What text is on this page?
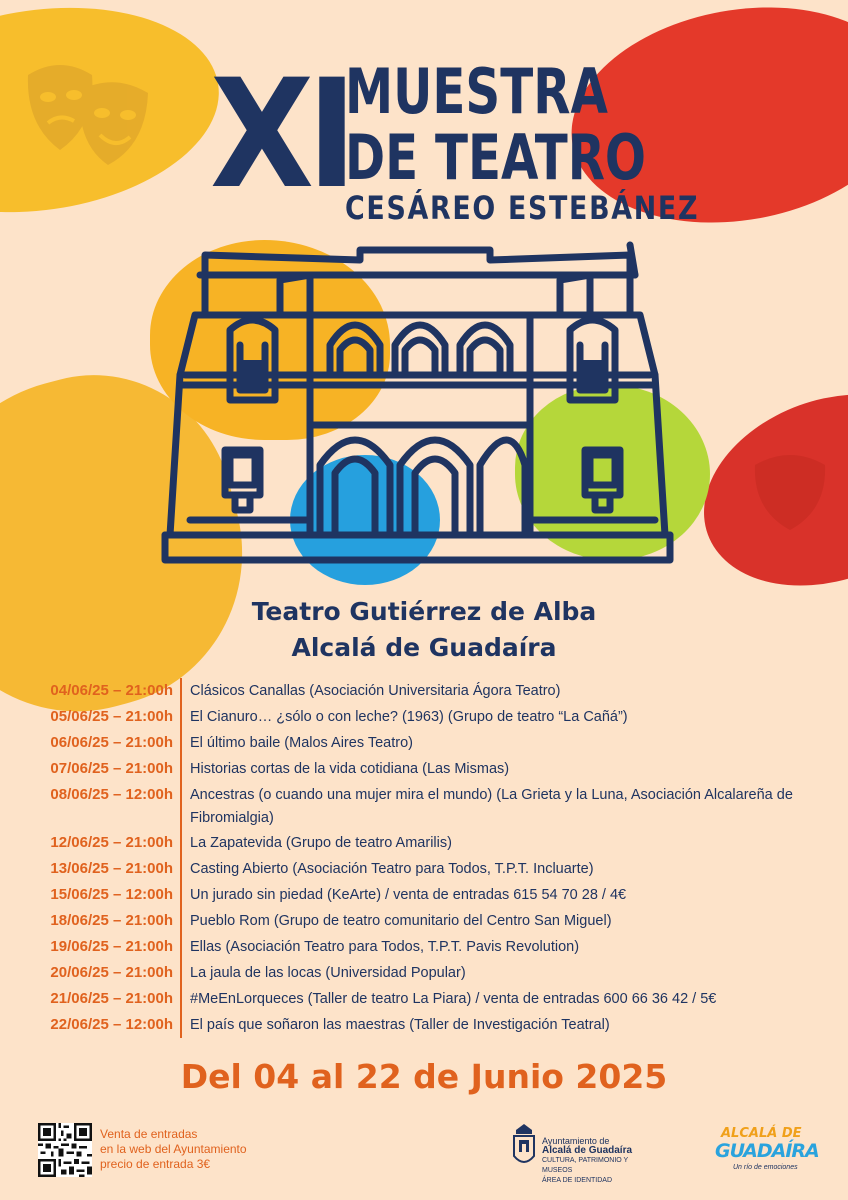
XI
MUESTRA
DE TEATRO
CESÁREO ESTEBÁNEZ
Teatro Gutiérrez de Alba
Alcalá de Guadaíra
04/06/25 – 21:00h	Clásicos Canallas (Asociación Universitaria Ágora Teatro)
05/06/25 – 21:00h	El Cianuro… ¿sólo o con leche? (1963) (Grupo de teatro “La Cañá”)
06/06/25 – 21:00h	El último baile (Malos Aires Teatro)
07/06/25 – 21:00h	Historias cortas de la vida cotidiana (Las Mismas)
08/06/25 – 12:00h	Ancestras (o cuando una mujer mira el mundo) (La Grieta y la Luna, Asociación Alcalareña de Fibromialgia)
12/06/25 – 21:00h	La Zapatevida (Grupo de teatro Amarilis)
13/06/25 – 21:00h	Casting Abierto (Asociación Teatro para Todos, T.P.T. Incluarte)
15/06/25 – 12:00h	Un jurado sin piedad (KeArte) / venta de entradas 615 54 70 28 / 4€
18/06/25 – 21:00h	Pueblo Rom (Grupo de teatro comunitario del Centro San Miguel)
19/06/25 – 21:00h	Ellas (Asociación Teatro para Todos, T.P.T. Pavis Revolution)
20/06/25 – 21:00h	La jaula de las locas (Universidad Popular)
21/06/25 – 21:00h	#MeEnLorqueces (Taller de teatro La Piara) / venta de entradas 600 66 36 42 / 5€
22/06/25 – 12:00h	El país que soñaron las maestras (Taller de Investigación Teatral)
Del 04 al 22 de Junio 2025
Venta de entradas
en la web del Ayuntamiento
precio de entrada 3€
Ayuntamiento de
Alcalá de Guadaíra
CULTURA, PATRIMONIO Y MUSEOS
ÁREA DE IDENTIDAD
ALCALÁ DE
GUADAÍRA
Un río de emociones
